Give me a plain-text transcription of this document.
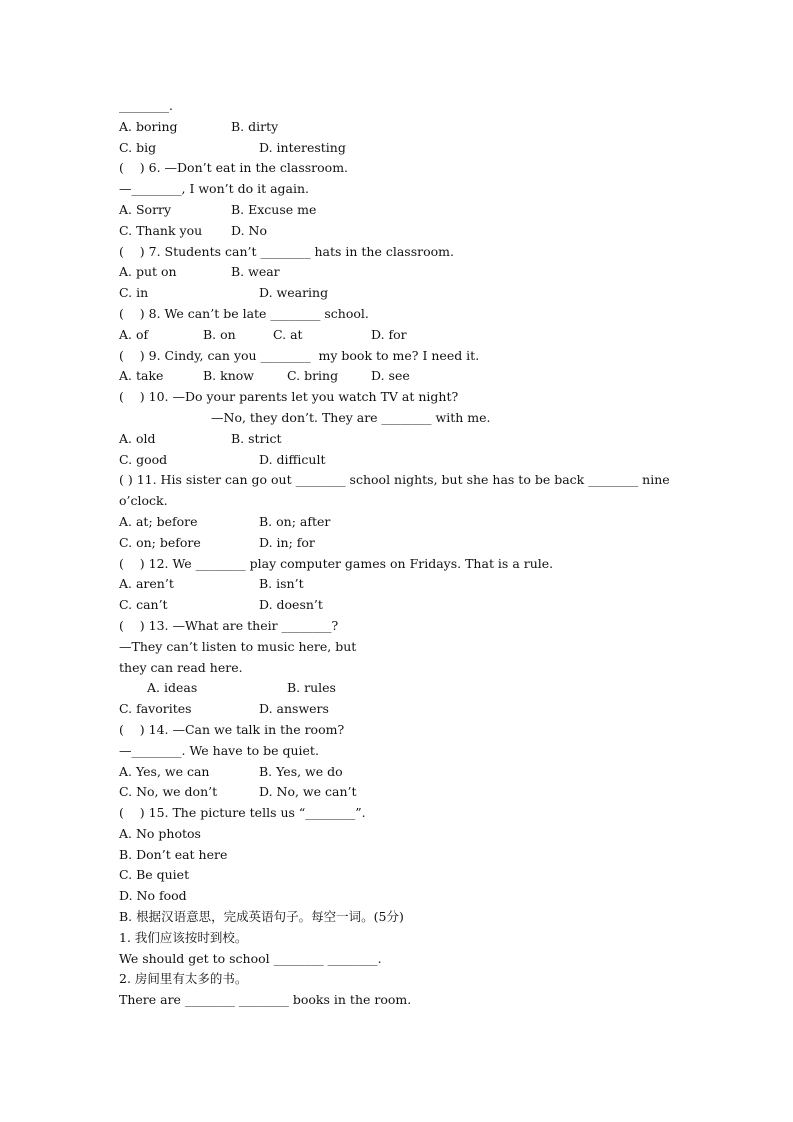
________.
A. boring	B. dirty
C. big	D. interesting
(    ) 6. —Don’t eat in the classroom.
—________, I won’t do it again.
A. Sorry	B. Excuse me
C. Thank you D. No
(    ) 7. Students can’t ________ hats in the classroom.
A. put on	B. wear
C. in	D. wearing
(    ) 8. We can’t be late ________ school.
A. of	B. on	C. at	D. for
(    ) 9. Cindy, can you ________  my book to me? I need it.
A. take	B. know	C. bring	D. see
(    ) 10. —Do your parents let you watch TV at night?
—No, they don’t. They are ________ with me.
A. old	B. strict
C. good	D. difficult
( ) 11. His sister can go out ________ school nights, but she has to be back ________ nine o’clock.
A. at; before	B. on; after
C. on; before	D. in; for
(    ) 12. We ________ play computer games on Fridays. That is a rule.
A. aren’t	B. isn’t
C. can’t	D. doesn’t
(    ) 13. —What are their ________?
—They can’t listen to music here, but
they can read here.
A. ideas	B. rules
C. favorites	D. answers
(    ) 14. —Can we talk in the room?
—________. We have to be quiet.
A. Yes, we can	B. Yes, we do
C. No, we don’t	D. No, we can’t
(    ) 15. The picture tells us “________”.
A. No photos
B. Don’t eat here
C. Be quiet
D. No food
B. 根据汉语意思，完成英语句子。每空一词。(5分)
1. 我们应该按时到校。
We should get to school ________ ________.
2. 房间里有太多的书。
There are ________ ________ books in the room.
